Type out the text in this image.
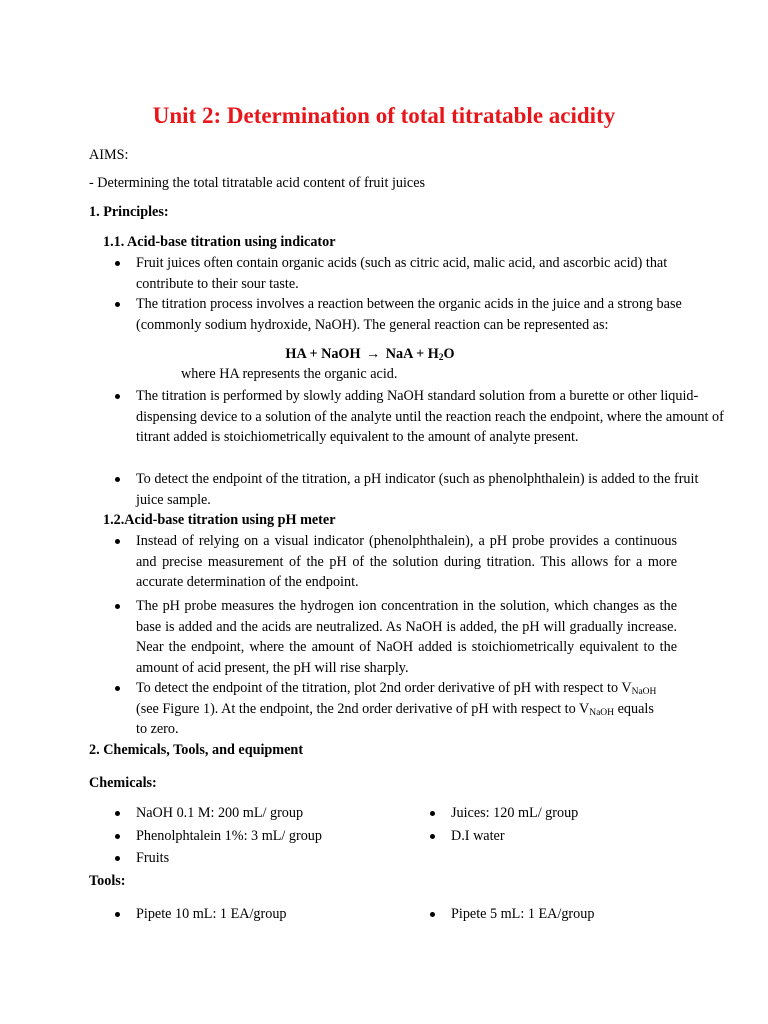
Unit 2: Determination of total titratable acidity
AIMS:
- Determining the total titratable acid content of fruit juices
1. Principles:
1.1. Acid-base titration using indicator
Fruit juices often contain organic acids (such as citric acid, malic acid, and ascorbic acid) that contribute to their sour taste.
The titration process involves a reaction between the organic acids in the juice and a strong base (commonly sodium hydroxide, NaOH). The general reaction can be represented as:
HA + NaOH → NaA + $H_2O$
where HA represents the organic acid.
The titration is performed by slowly adding NaOH standard solution from a burette or other liquid-dispensing device to a solution of the analyte until the reaction reach the endpoint, where the amount of titrant added is stoichiometrically equivalent to the amount of analyte present.
To detect the endpoint of the titration, a pH indicator (such as phenolphthalein) is added to the fruit juice sample.
1.2.Acid-base titration using pH meter
Instead of relying on a visual indicator (phenolphthalein), a pH probe provides a continuous and precise measurement of the pH of the solution during titration. This allows for a more accurate determination of the endpoint.
The pH probe measures the hydrogen ion concentration in the solution, which changes as the base is added and the acids are neutralized. As NaOH is added, the pH will gradually increase. Near the endpoint, where the amount of NaOH added is stoichiometrically equivalent to the amount of acid present, the pH will rise sharply.
To detect the endpoint of the titration, plot 2nd order derivative of pH with respect to $V_{NaOH}$
(see Figure 1). At the endpoint, the 2nd order derivative of pH with respect to $V_{NaOH}$ equals
to zero.
2. Chemicals, Tools, and equipment
Chemicals:
NaOH 0.1 M: 200 mL/ group
Phenolphtalein 1%: 3 mL/ group
Fruits
Juices: 120 mL/ group
D.I water
Tools:
Pipete 10 mL: 1 EA/group	Pipete 5 mL: 1 EA/group
